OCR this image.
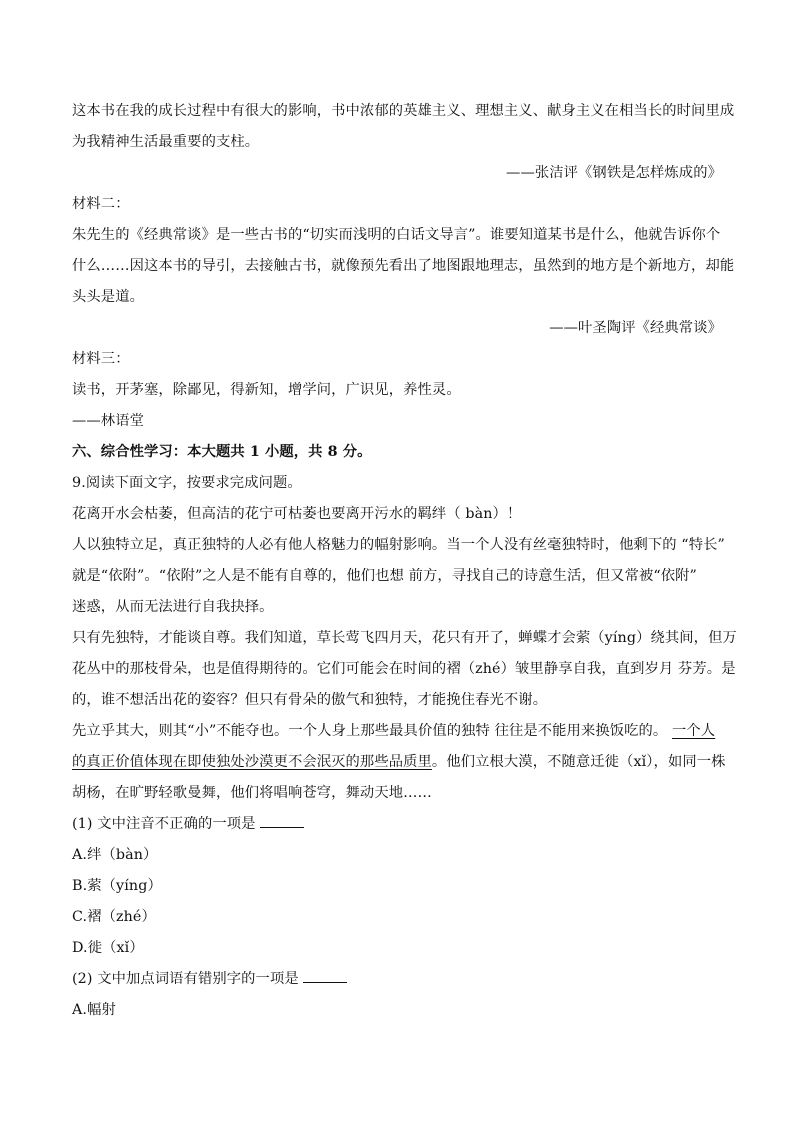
这本书在我的成长过程中有很大的影响，书中浓郁的英雄主义、理想主义、献身主义在相当长的时间里成
为我精神生活最重要的支柱。
——张洁评《钢铁是怎样炼成的》
材料二：
朱先生的《经典常谈》是一些古书的“切实而浅明的白话文导言”。谁要知道某书是什么，他就告诉你个
什么……因这本书的导引，去接触古书，就像预先看出了地图跟地理志，虽然到的地方是个新地方，却能
头头是道。
——叶圣陶评《经典常谈》
材料三：
读书，开茅塞，除鄙见，得新知，增学问，广识见，养性灵。
——林语堂
六、综合性学习：本大题共 1 小题，共 8 分。
9.阅读下面文字，按要求完成问题。
花离开水会枯萎，但高洁的花宁可枯萎也要离开污水的羁绊（ bàn）！
人以独特立足，真正独特的人必有他人格魅力的幅射影响。当一个人没有丝毫独特时，他剩下的 “特长”
就是“依附”。“依附”之人是不能有自尊的，他们也想 前方，寻找自己的诗意生活，但又常被“依附”
迷惑，从而无法进行自我抉择。
只有先独特，才能谈自尊。我们知道，草长莺飞四月天，花只有开了，蝉蝶才会萦（yíng）绕其间，但万
花丛中的那枝骨朵，也是值得期待的。它们可能会在时间的褶（zhé）皱里静享自我，直到岁月 芬芳。是
的，谁不想活出花的姿容？但只有骨朵的傲气和独特，才能挽住春光不谢。
先立乎其大，则其“小”不能夺也。一个人身上那些最具价值的独特 往往是不能用来换饭吃的。 一个人
的真正价值体现在即使独处沙漠更不会泯灭的那些品质里。他们立根大漠，不随意迁徙（xǐ），如同一株
胡杨，在旷野轻歌曼舞，他们将唱响苍穹，舞动天地……
(1) 文中注音不正确的一项是
A.绊（bàn）
B.萦（yíng）
C.褶（zhé）
D.徙（xǐ）
(2) 文中加点词语有错别字的一项是
A.幅射
